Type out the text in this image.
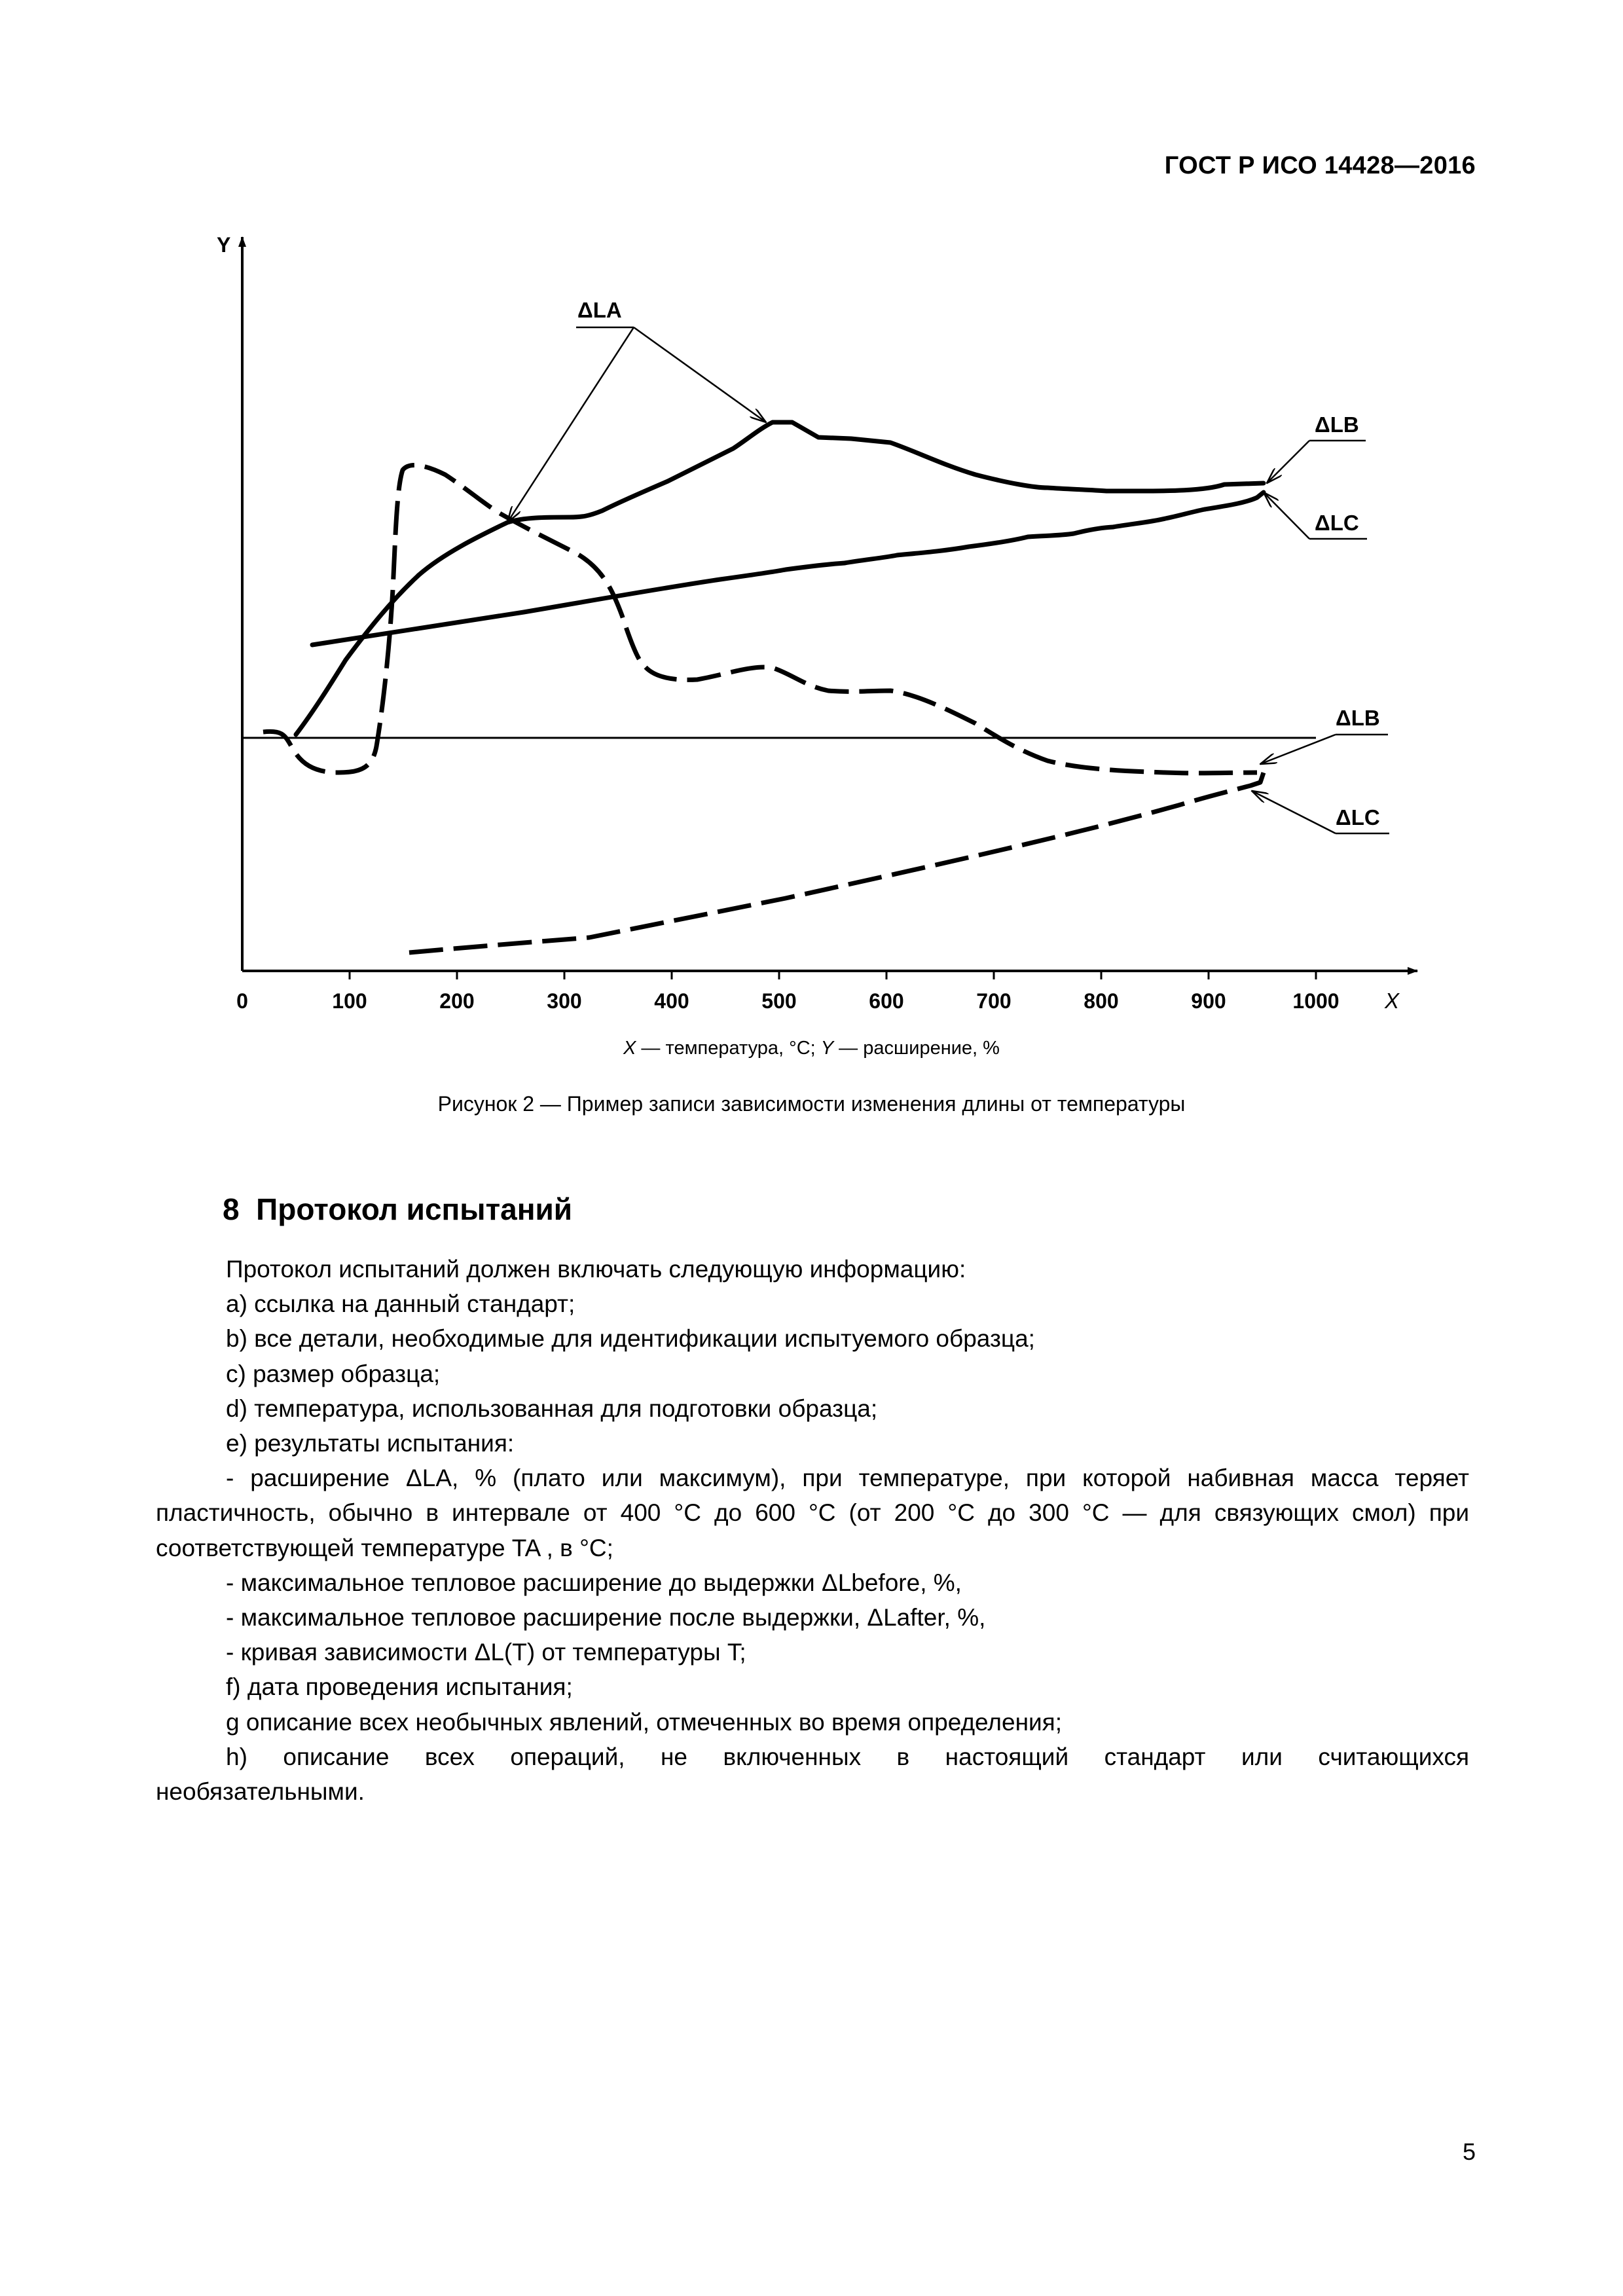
ГОСТ Р ИСО 14428—2016
Y
X
0	100	200	300	400	500	600	700	800	900	1000
ΔLA
ΔLB
ΔLC
ΔLB
ΔLC
X — температура, °C; Y — расширение, %
Рисунок 2 — Пример записи зависимости изменения длины от температуры
8 Протокол испытаний

Протокол испытаний должен включать следующую информацию:

a) ссылка на данный стандарт;

b) все детали, необходимые для идентификации испытуемого образца;

c) размер образца;

d) температура, использованная для подготовки образца;

e) результаты испытания:

- расширение ΔLA, % (плато или максимум), при температуре, при которой набивная масса теряет

пластичность, обычно в интервале от 400 °С до 600 °С (от 200 °С до 300 °С — для связующих смол) при

соответствующей температуре TA , в °С;

- максимальное тепловое расширение до выдержки ΔLbefore, %,

- максимальное тепловое расширение после выдержки, ΔLafter, %,

- кривая зависимости ΔL(T) от температуры T;

f) дата проведения испытания;

g описание всех необычных явлений, отмеченных во время определения;

h) описание всех операций, не включенных в настоящий стандарт или считающихся

необязательными.

5
